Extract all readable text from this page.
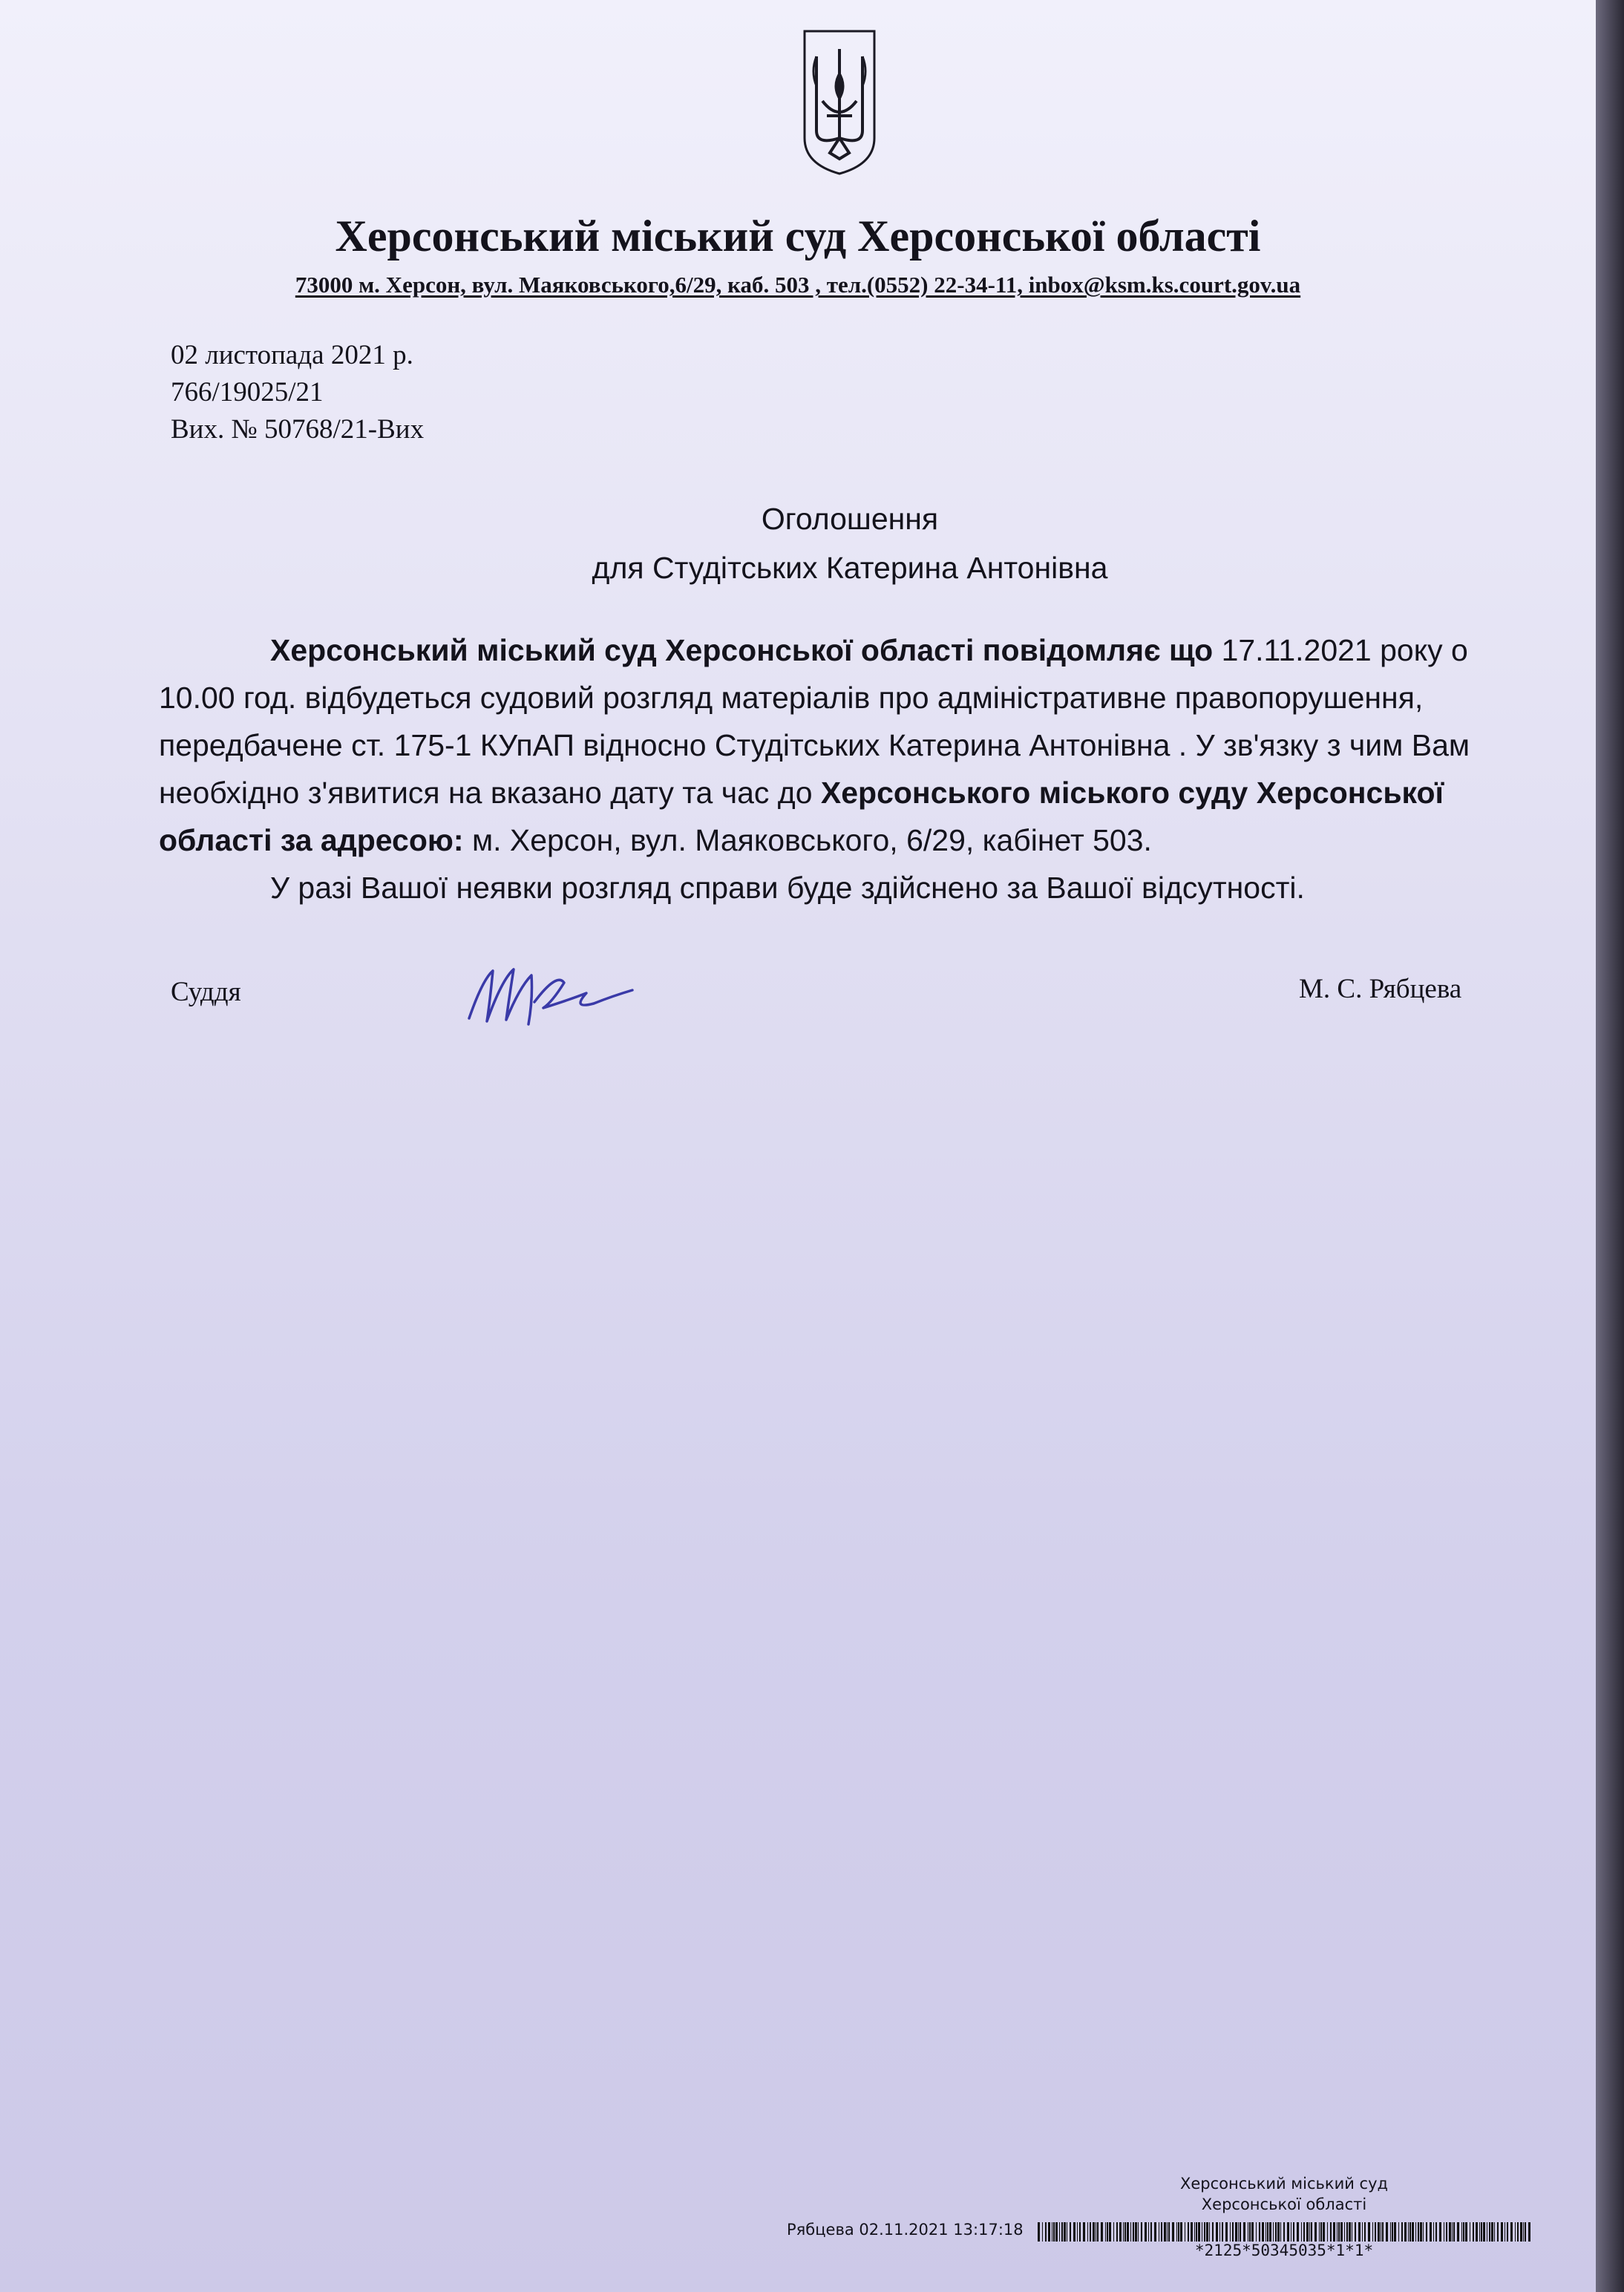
Херсонський міський суд Херсонської області
73000 м. Херсон, вул. Маяковського,6/29, каб. 503 , тел.(0552) 22-34-11, inbox@ksm.ks.court.gov.ua
02 листопада 2021 р.
766/19025/21
Вих. № 50768/21-Вих
Оголошення
для Студітських Катерина Антонівна

Херсонський міський суд Херсонської області повідомляє що 17.11.2021 року о 10.00 год. відбудеться судовий розгляд матеріалів про адміністративне правопорушення, передбачене ст. 175-1 КУпАП відносно Студітських Катерина Антонівна . У зв'язку з чим Вам необхідно з'явитися на вказано дату та час до Херсонського міського суду Херсонської області за адресою: м. Херсон, вул. Маяковського, 6/29, кабінет 503.

У разі Вашої неявки розгляд справи буде здійснено за Вашої відсутності.

Суддя	М. С. Рябцева
Херсонський міський суд
Херсонської області
Рябцева 02.11.2021 13:17:18
*2125*50345035*1*1*
